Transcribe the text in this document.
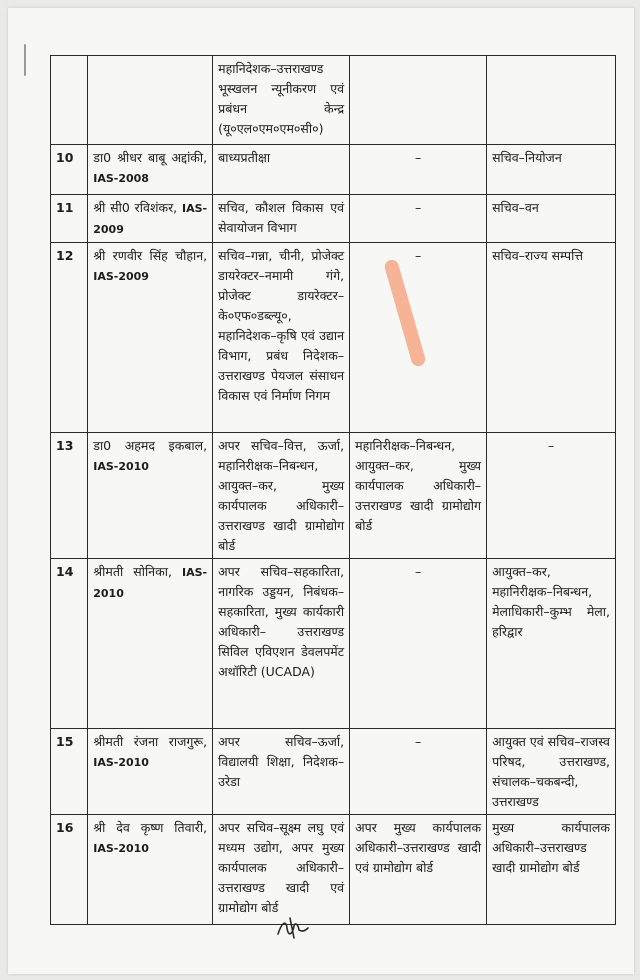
		महानिदेशक–उत्तराखण्ड भूस्खलन न्यूनीकरण एवं प्रबंधन केन्द्र (यू०एल०एम०एम०सी०)		
10	डा0 श्रीधर बाबू अद्दांकी, IAS-2008	बाध्यप्रतीक्षा	–	सचिव–नियोजन
11	श्री सी0 रविशंकर, IAS-2009	सचिव, कौशल विकास एवं सेवायोजन विभाग	–	सचिव–वन
12	श्री रणवीर सिंह चौहान, IAS-2009	सचिव–गन्ना, चीनी, प्रोजेक्ट डायरेक्टर–नमामी गंगे, प्रोजेक्ट डायरेक्टर–के०एफ०डब्ल्यू०, महानिदेशक–कृषि एवं उद्यान विभाग, प्रबंध निदेशक–उत्तराखण्ड पेयजल संसाधन विकास एवं निर्माण निगम	–	सचिव–राज्य सम्पत्ति
13	डा0 अहमद इकबाल, IAS-2010	अपर सचिव–वित्त, ऊर्जा, महानिरीक्षक–निबन्धन, आयुक्त–कर, मुख्य कार्यपालक अधिकारी–उत्तराखण्ड खादी ग्रामोद्योग बोर्ड	महानिरीक्षक–निबन्धन, आयुक्त–कर, मुख्य कार्यपालक अधिकारी–उत्तराखण्ड खादी ग्रामोद्योग बोर्ड	–

14	श्रीमती सोनिका, IAS-2010	अपर सचिव–सहकारिता, नागरिक उड्डयन, निबंधक–सहकारिता, मुख्य कार्यकारी अधिकारी– उत्तराखण्ड सिविल एविएशन डेवलपमेंट अथॉरिटी (UCADA)	–	आयुक्त–कर, महानिरीक्षक–निबन्धन, मेलाधिकारी–कुम्भ मेला, हरिद्वार
15	श्रीमती रंजना राजगुरू, IAS-2010	अपर सचिव–ऊर्जा, विद्यालयी शिक्षा, निदेशक–उरेडा	–	आयुक्त एवं सचिव–राजस्व परिषद, उत्तराखण्ड, संचालक–चकबन्दी, उत्तराखण्ड
16	श्री देव कृष्ण तिवारी, IAS-2010	अपर सचिव–सूक्ष्म लघु एवं मध्यम उद्योग, अपर मुख्य कार्यपालक अधिकारी–उत्तराखण्ड खादी एवं ग्रामोद्योग बोर्ड	अपर मुख्य कार्यपालक अधिकारी–उत्तराखण्ड खादी एवं ग्रामोद्योग बोर्ड	मुख्य कार्यपालक अधिकारी–उत्तराखण्ड खादी ग्रामोद्योग बोर्ड
